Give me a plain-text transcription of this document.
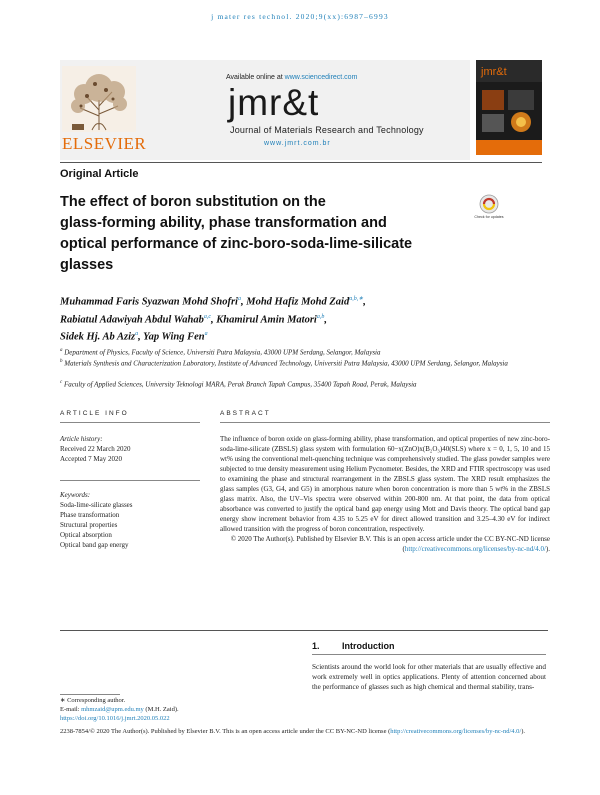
j mater res technol. 2020;9(xx):6987–6993
ELSEVIER
Available online at www.sciencedirect.com
jmr&t
Journal of Materials Research and Technology
www.jmrt.com.br
jmr&t
Original Article
The effect of boron substitution on the
glass-forming ability, phase transformation and
optical performance of zinc-boro-soda-lime-silicate
glasses
Check for updates
Muhammad Faris Syazwan Mohd Shofri$^a$, Mohd Hafiz Mohd Zaid$^{a,b,∗}$,
Rabiatul Adawiyah Abdul Wahab$^{a,c}$, Khamirul Amin Matori$^{a,b}$,
Sidek Hj. Ab Aziz$^a$, Yap Wing Fen$^a$
$^a$ Department of Physics, Faculty of Science, Universiti Putra Malaysia, 43000 UPM Serdang, Selangor, Malaysia
$^b$ Materials Synthesis and Characterization Laboratory, Institute of Advanced Technology, Universiti Putra Malaysia, 43000 UPM Serdang, Selangor, Malaysia
$^c$ Faculty of Applied Sciences, University Teknologi MARA, Perak Branch Tapah Campus, 35400 Tapah Road, Perak, Malaysia
ARTICLE INFO	ABSTRACT
Article history:
Received 22 March 2020
Accepted 7 May 2020
Keywords:
Soda-lime-silicate glasses
Phase transformation
Structural properties
Optical absorption
Optical band gap energy

The influence of boron oxide on glass-forming ability, phase transformation, and optical properties of new zinc-boro-soda-lime-silicate (ZBSLS) glass system with formulation 60−x(ZnO)x(B₂O₃)40(SLS) where x = 0, 1, 5, 10 and 15 wt% using the conventional melt-quenching technique was comprehensively studied. The glass powder samples were subjected to true density measurement using Helium Pycnometer. Besides, the XRD and FTIR spectroscopy was used to examining the phase and structural rearrangement in the ZBSLS glass system. The XRD result emphasizes the glass samples (G3, G4, and G5) in amorphous nature when boron concentration is more than 5 wt% in the ZBSLS glass matrix. Also, the UV–Vis spectra were observed within 200-800 nm. At that point, the data from optical absorbance was converted to justify the optical band gap energy using Mott and Davis theory. The optical band gap energy show increment behavior from 4.35 to 5.25 eV for direct allowed transition and 3.25–4.30 eV for indirect allowed transition with the progress of boron concentration, respectively.

© 2020 The Author(s). Published by Elsevier B.V. This is an open access article under the CC BY-NC-ND license (http://creativecommons.org/licenses/by-nc-nd/4.0/).

1. Introduction
Scientists around the world look for other materials that are usually effective and work extremely well in optics applications. Plenty of attention concerned about the performance of glasses such as high chemical and thermal stability, trans-
∗ Corresponding author.
E-mail: mhmzaid@upm.edu.my (M.H. Zaid).
https://doi.org/10.1016/j.jmrt.2020.05.022
2238-7854/© 2020 The Author(s). Published by Elsevier B.V. This is an open access article under the CC BY-NC-ND license (http://creativecommons.org/licenses/by-nc-nd/4.0/).
